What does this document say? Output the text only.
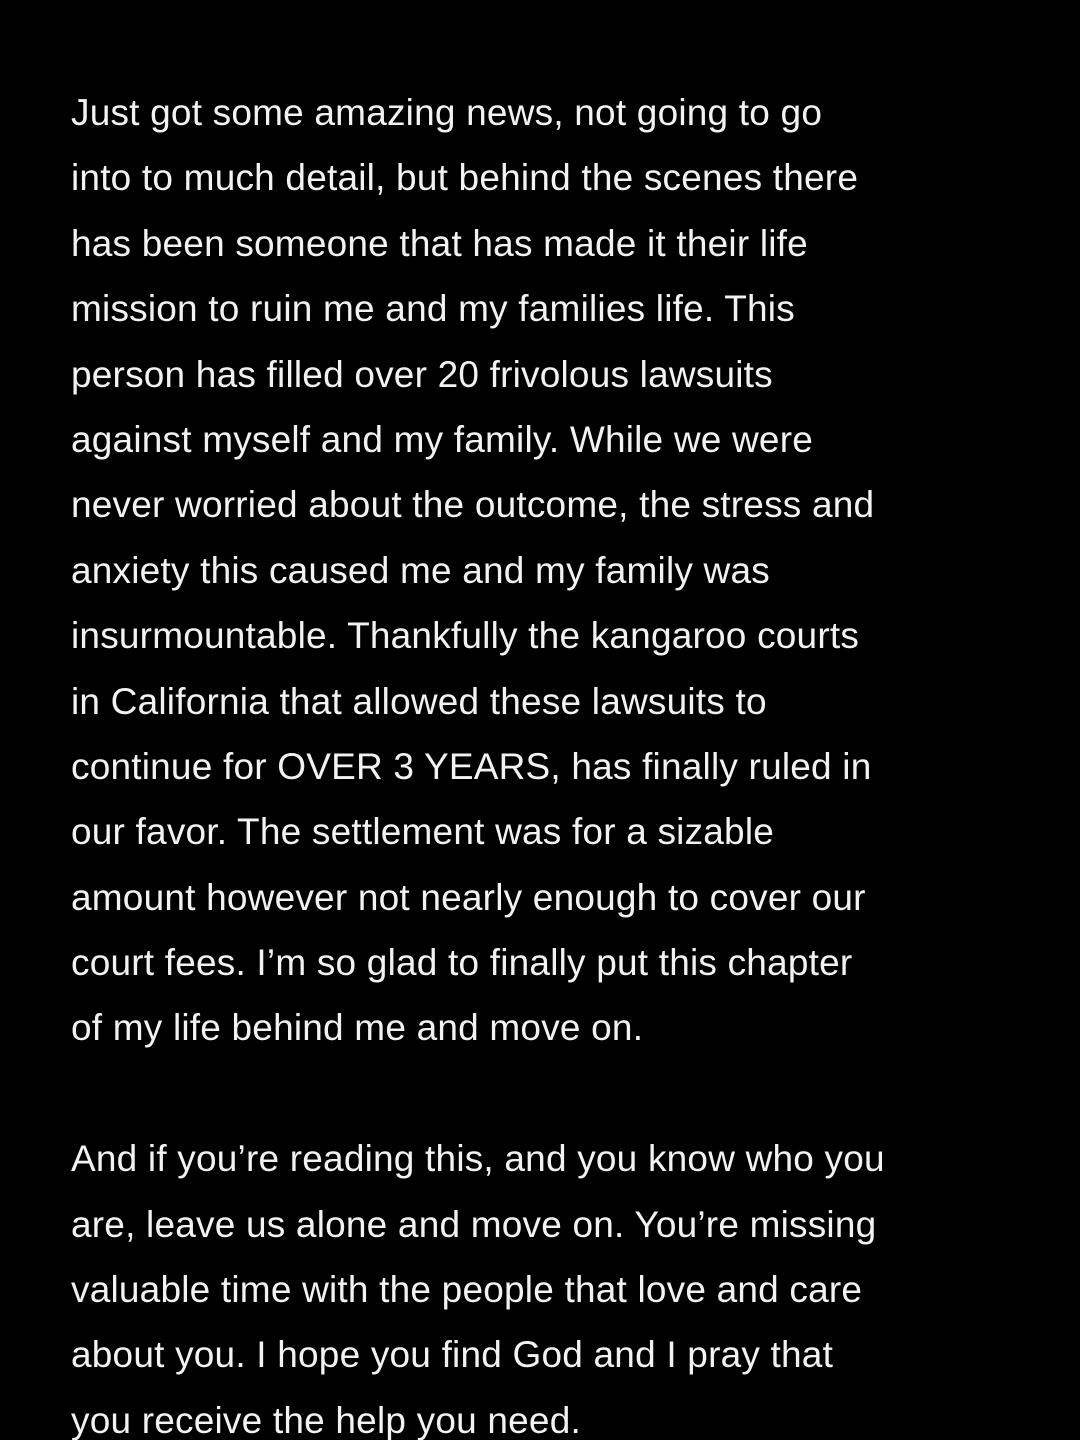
Just got some amazing news, not going to go
into to much detail, but behind the scenes there
has been someone that has made it their life
mission to ruin me and my families life. This
person has filled over 20 frivolous lawsuits
against myself and my family. While we were
never worried about the outcome, the stress and
anxiety this caused me and my family was
insurmountable. Thankfully the kangaroo courts
in California that allowed these lawsuits to
continue for OVER 3 YEARS, has finally ruled in
our favor. The settlement was for a sizable
amount however not nearly enough to cover our
court fees. I’m so glad to finally put this chapter
of my life behind me and move on.
And if you’re reading this, and you know who you
are, leave us alone and move on. You’re missing
valuable time with the people that love and care
about you. I hope you find God and I pray that
you receive the help you need.
